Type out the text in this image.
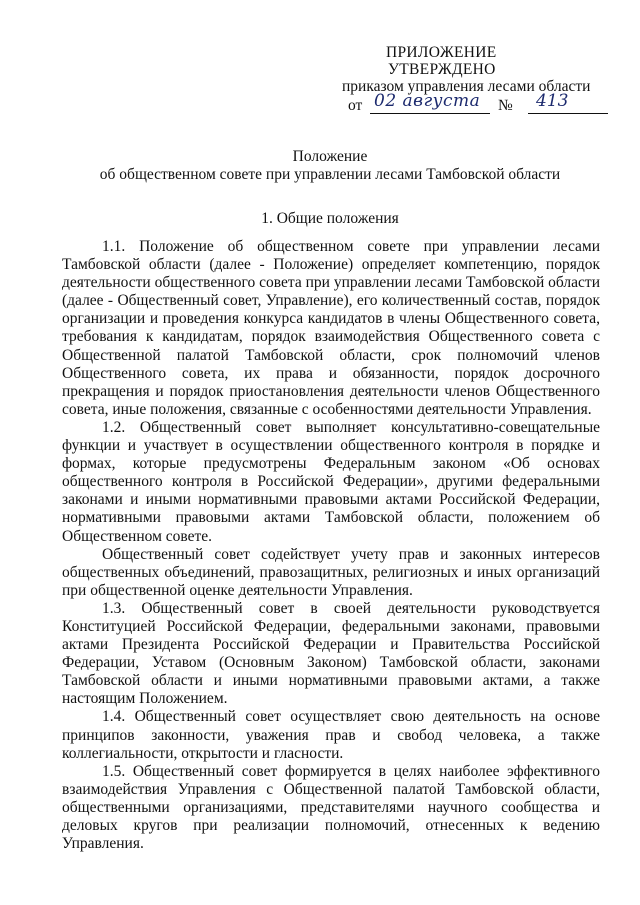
ПРИЛОЖЕНИЕ
УТВЕРЖДЕНО
приказом управления лесами области
от 02 августа № 413
Положение
об общественном совете при управлении лесами Тамбовской области
1. Общие положения

1.1. Положение об общественном совете при управлении лесами Тамбовской области (далее - Положение) определяет компетенцию, порядок деятельности общественного совета при управлении лесами Тамбовской области (далее - Общественный совет, Управление), его количественный состав, порядок организации и проведения конкурса кандидатов в члены Общественного совета, требования к кандидатам, порядок взаимодействия Общественного совета с Общественной палатой Тамбовской области, срок полномочий членов Общественного совета, их права и обязанности, порядок досрочного прекращения и порядок приостановления деятельности членов Общественного совета, иные положения, связанные с особенностями деятельности Управления.

1.2. Общественный совет выполняет консультативно-совещательные функции и участвует в осуществлении общественного контроля в порядке и формах, которые предусмотрены Федеральным законом «Об основах общественного контроля в Российской Федерации», другими федеральными законами и иными нормативными правовыми актами Российской Федерации, нормативными правовыми актами Тамбовской области, положением об Общественном совете.

Общественный совет содействует учету прав и законных интересов общественных объединений, правозащитных, религиозных и иных организаций при общественной оценке деятельности Управления.

1.3. Общественный совет в своей деятельности руководствуется Конституцией Российской Федерации, федеральными законами, правовыми актами Президента Российской Федерации и Правительства Российской Федерации, Уставом (Основным Законом) Тамбовской области, законами Тамбовской области и иными нормативными правовыми актами, а также настоящим Положением.

1.4. Общественный совет осуществляет свою деятельность на основе принципов законности, уважения прав и свобод человека, а также коллегиальности, открытости и гласности.

1.5. Общественный совет формируется в целях наиболее эффективного взаимодействия Управления с Общественной палатой Тамбовской области, общественными организациями, представителями научного сообщества и деловых кругов при реализации полномочий, отнесенных к ведению Управления.
